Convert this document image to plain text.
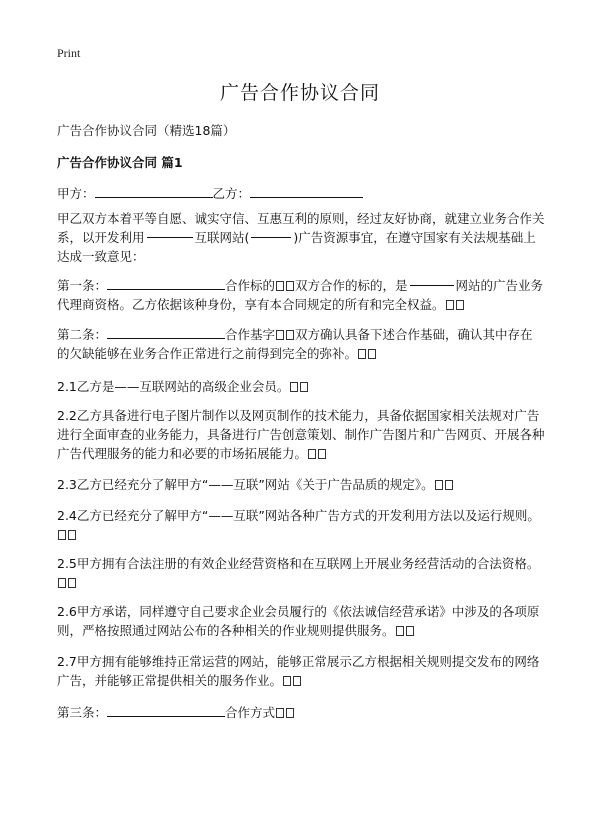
Print
广告合作协议合同
广告合作协议合同（精选18篇）
广告合作协议合同 篇1
甲方：	乙方：

甲乙双方本着平等自愿、诚实守信、互惠互利的原则，经过友好协商，就建立业务合作关系，以开发利用	互联网站(	)广告资源事宜，在遵守国家有关法规基础上达成一致意见：

第一条：	合作标的 双方合作的标的，是	网站的广告业务代理商资格。乙方依据该种身份，享有本合同规定的所有和完全权益。

第二条：	合作基字 双方确认具备下述合作基础，确认其中存在的欠缺能够在业务合作正常进行之前得到完全的弥补。

2.1乙方是——互联网站的高级企业会员。

2.2乙方具备进行电子图片制作以及网页制作的技术能力，具备依据国家相关法规对广告进行全面审查的业务能力，具备进行广告创意策划、制作广告图片和广告网页、开展各种广告代理服务的能力和必要的市场拓展能力。

2.3乙方已经充分了解甲方“——互联”网站《关于广告品质的规定》。

2.4乙方已经充分了解甲方“——互联”网站各种广告方式的开发利用方法以及运行规则。

2.5甲方拥有合法注册的有效企业经营资格和在互联网上开展业务经营活动的合法资格。

2.6甲方承诺，同样遵守自己要求企业会员履行的《依法诚信经营承诺》中涉及的各项原则，严格按照通过网站公布的各种相关的作业规则提供服务。

2.7甲方拥有能够维持正常运营的网站，能够正常展示乙方根据相关规则提交发布的网络广告，并能够正常提供相关的服务作业。

第三条：	合作方式
